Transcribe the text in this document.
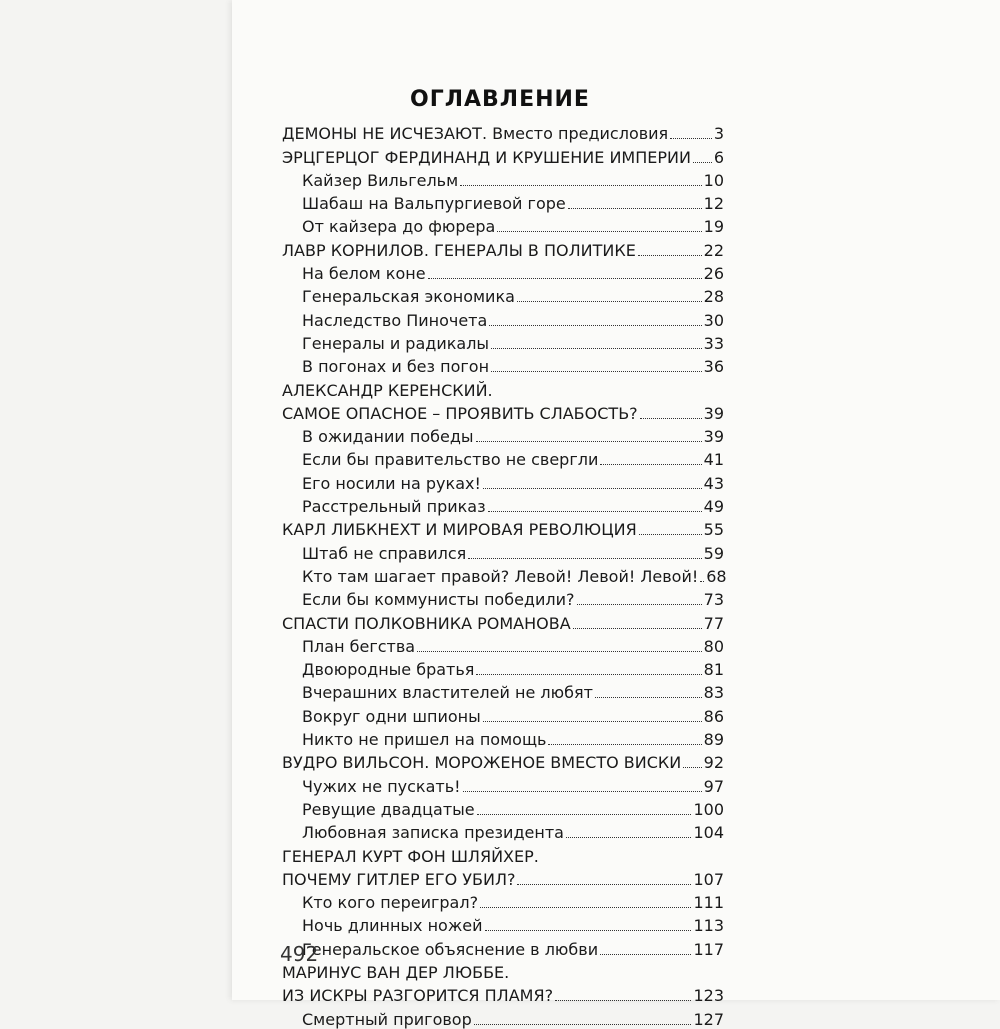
ОГЛАВЛЕНИЕ
ДЕМОНЫ НЕ ИСЧЕЗАЮТ. Вместо предисловия	3
ЭРЦГЕРЦОГ ФЕРДИНАНД И КРУШЕНИЕ ИМПЕРИИ 6
Кайзер Вильгельм	10
Шабаш на Вальпургиевой горе	12
От кайзера до фюрера	19
ЛАВР КОРНИЛОВ. ГЕНЕРАЛЫ В ПОЛИТИКЕ	22
На белом коне	26
Генеральская экономика	28
Наследство Пиночета	30
Генералы и радикалы	33
В погонах и без погон	36
АЛЕКСАНДР КЕРЕНСКИЙ.
САМОЕ ОПАСНОЕ – ПРОЯВИТЬ СЛАБОСТЬ?	39
В ожидании победы	39
Если бы правительство не свергли	41
Его носили на руках!	43
Расстрельный приказ	49
КАРЛ ЛИБКНЕХТ И МИРОВАЯ РЕВОЛЮЦИЯ	55
Штаб не справился	59
Кто там шагает правой? Левой! Левой! Левой! 68
Если бы коммунисты победили?	73
СПАСТИ ПОЛКОВНИКА РОМАНОВА	77
План бегства	80
Двоюродные братья	81
Вчерашних властителей не любят	83
Вокруг одни шпионы	86
Никто не пришел на помощь	89
ВУДРО ВИЛЬСОН. МОРОЖЕНОЕ ВМЕСТО ВИСКИ 92
Чужих не пускать!	97
Ревущие двадцатые	100
Любовная записка президента	104
ГЕНЕРАЛ КУРТ ФОН ШЛЯЙХЕР.
ПОЧЕМУ ГИТЛЕР ЕГО УБИЛ?	107
Кто кого переиграл?	111
Ночь длинных ножей	113
Генеральское объяснение в любви	117
МАРИНУС ВАН ДЕР ЛЮББЕ.
ИЗ ИСКРЫ РАЗГОРИТСЯ ПЛАМЯ?	123
Смертный приговор	127
492
